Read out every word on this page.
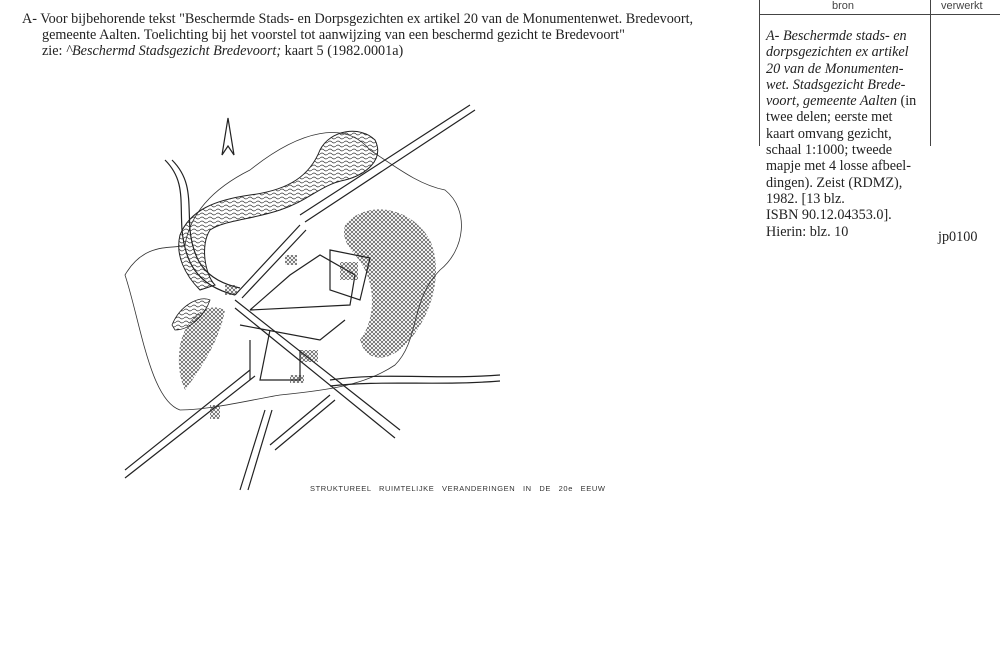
A- Voor bijbehorende tekst "Beschermde Stads- en Dorpsgezichten ex artikel 20 van de Monumentenwet. Bredevoort,
gemeente Aalten. Toelichting bij het voorstel tot aanwijzing van een beschermd gezicht te Bredevoort"
zie: ^Beschermd Stadsgezicht Bredevoort; kaart 5 (1982.0001a)
bron	verwerkt
A- Beschermde stads- en
dorpsgezichten ex artikel
20 van de Monumenten-
wet. Stadsgezicht Brede-
voort, gemeente Aalten (in
twee delen; eerste met
kaart omvang gezicht,
schaal 1:1000; tweede
mapje met 4 losse afbeel-
dingen). Zeist (RDMZ),
1982. [13 blz.
ISBN 90.12.04353.0].
Hierin: blz. 10	jp0100
STRUKTUREEL RUIMTELIJKE VERANDERINGEN IN DE 20e EEUW
